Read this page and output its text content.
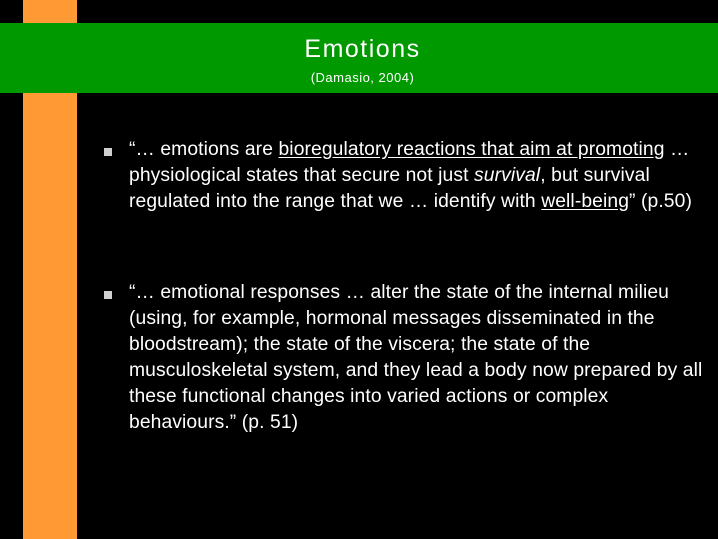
Emotions
(Damasio, 2004)
“… emotions are bioregulatory reactions that aim at promoting … physiological states that secure not just survival, but survival regulated into the range that we … identify with well-being” (p.50)
“… emotional responses … alter the state of the internal milieu (using, for example, hormonal messages disseminated in the bloodstream); the state of the viscera; the state of the musculoskeletal system, and they lead a body now prepared by all these functional changes into varied actions or complex behaviours.” (p. 51)
